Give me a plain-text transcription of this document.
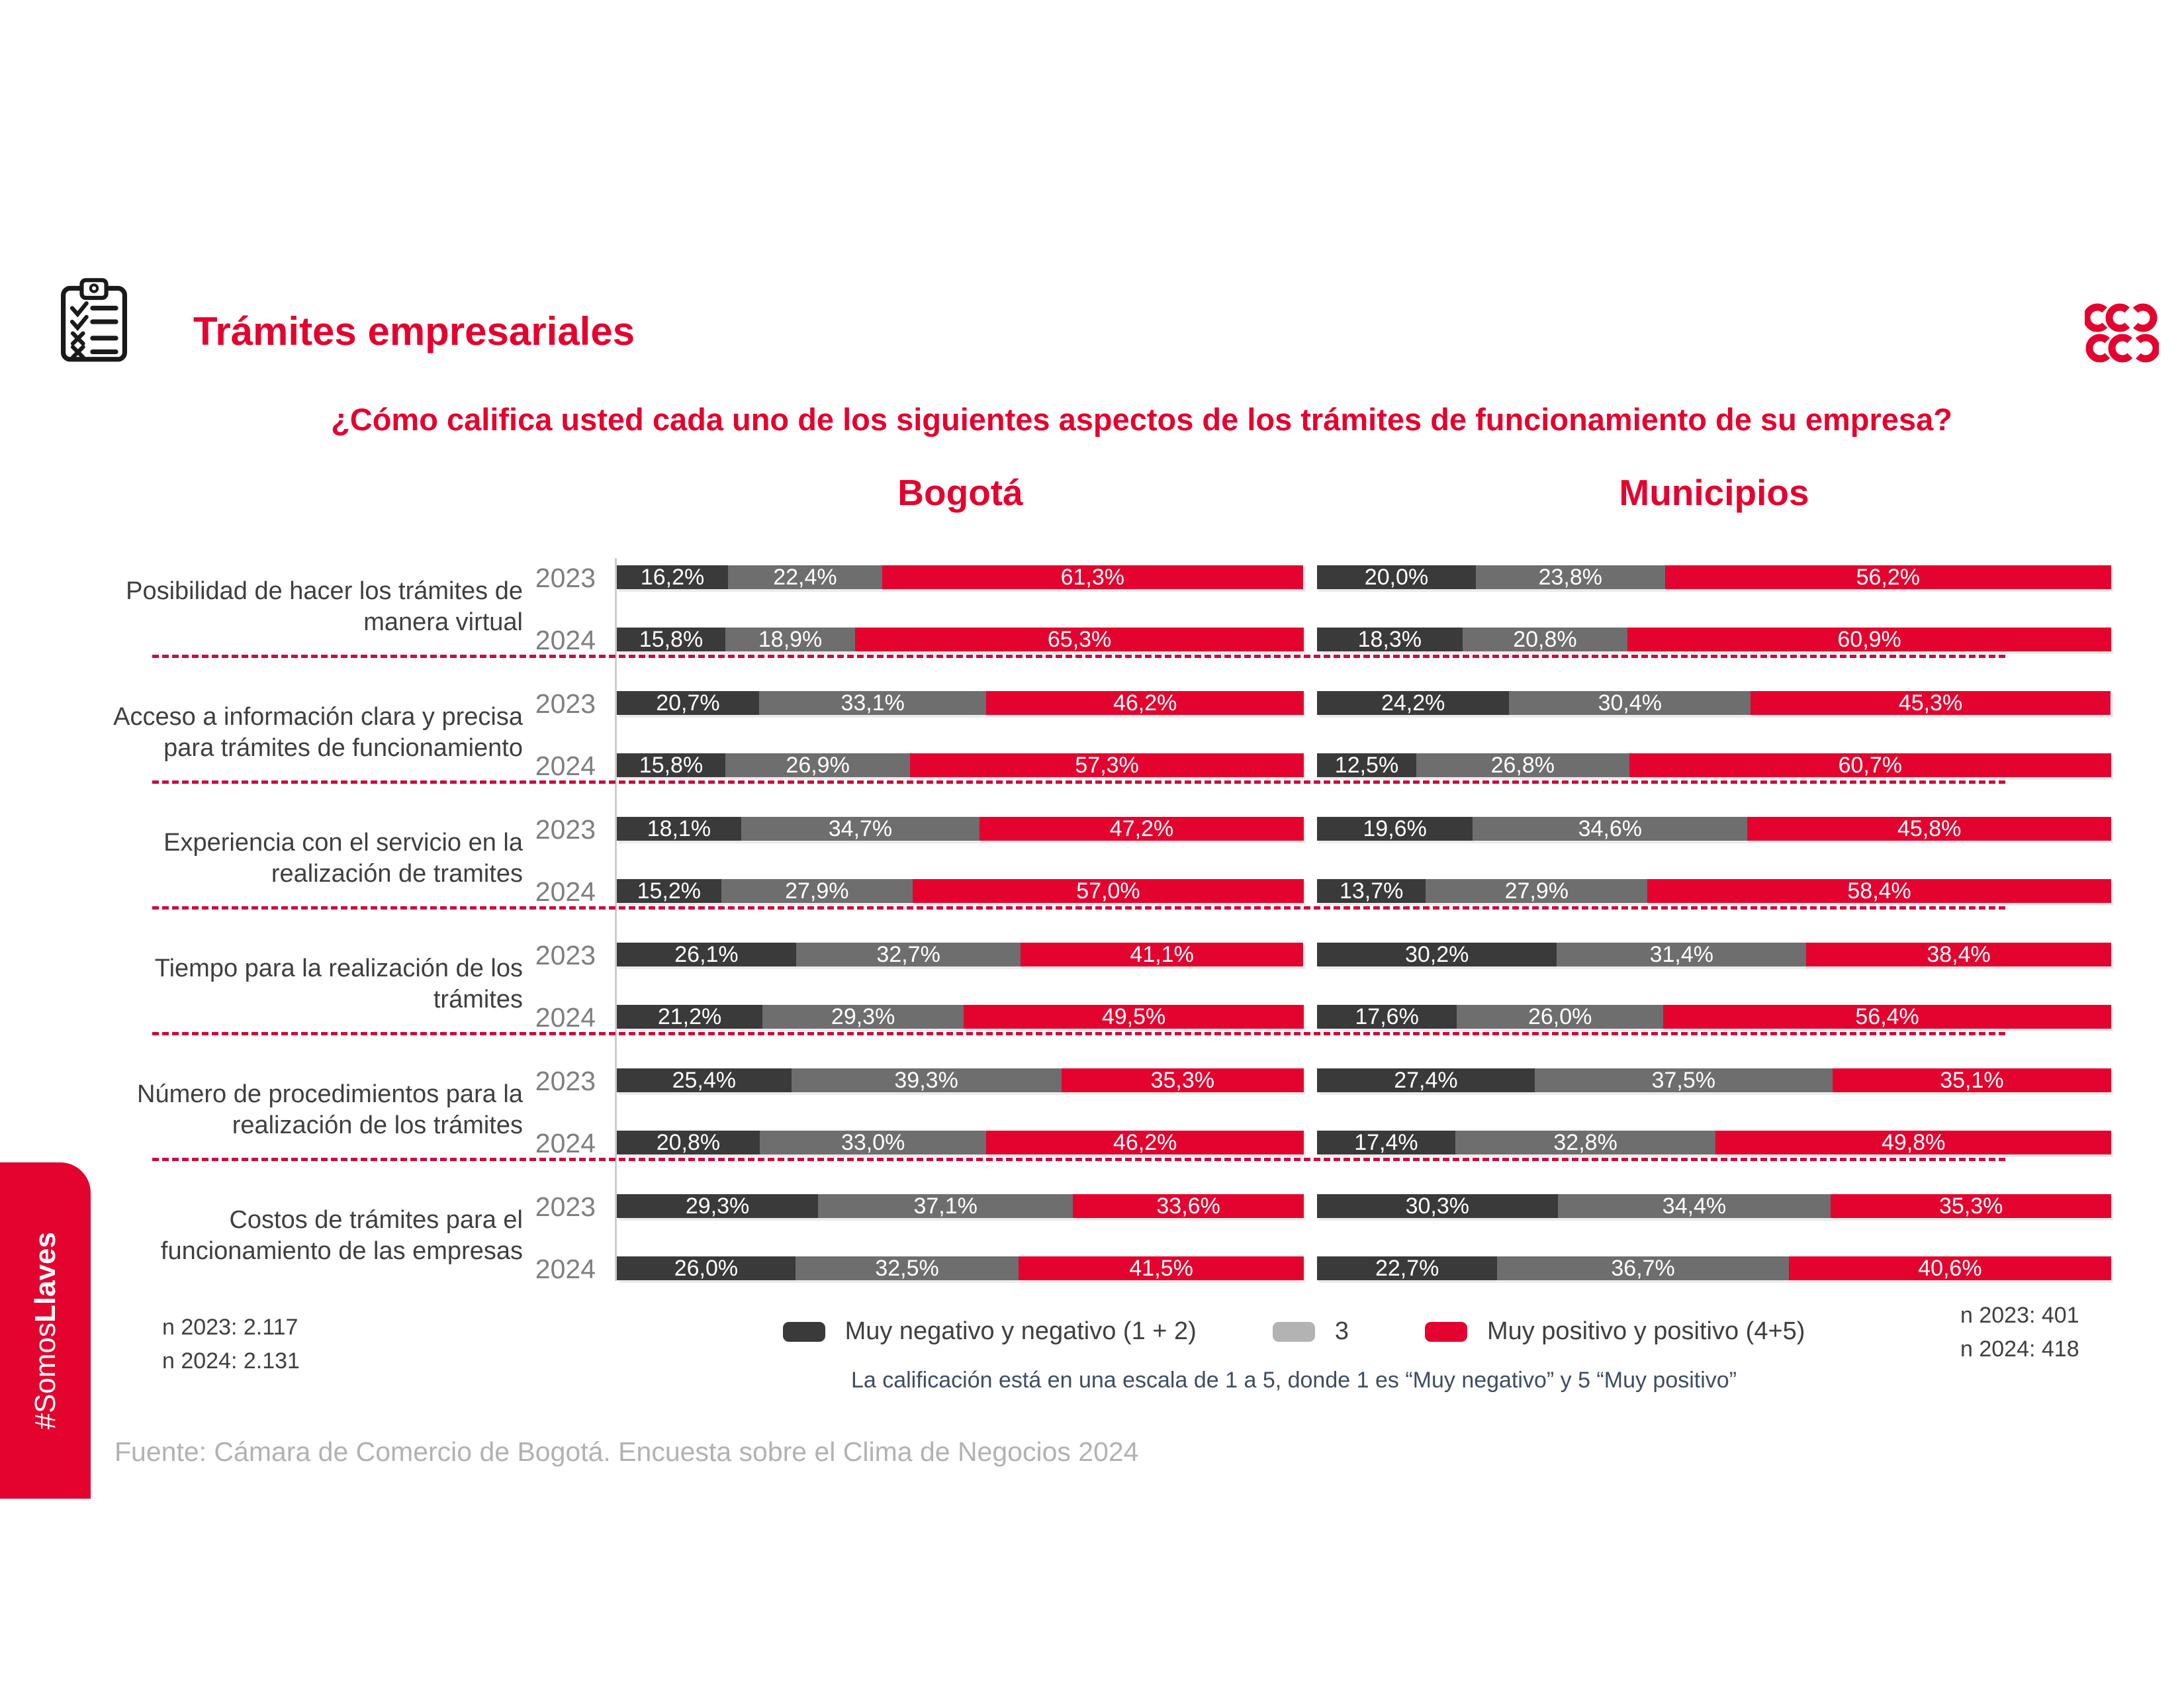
#SomosLlaves
Trámites empresariales
¿Cómo califica usted cada uno de los siguientes aspectos de los trámites de funcionamiento de su empresa?
Bogotá	Municipios
Posibilidad de hacer los trámites de manera virtual
2023	16,2%	22,4%	61,3%	20,0%	23,8%	56,2%
2024	15,8%	18,9%	65,3%	18,3%	20,8%	60,9%
Acceso a información clara y precisa para trámites de funcionamiento
2023	20,7%	33,1%	46,2%	24,2%	30,4%	45,3%
2024	15,8%	26,9%	57,3%	12,5%	26,8%	60,7%
Experiencia con el servicio en la realización de tramites
2023	18,1%	34,7%	47,2%	19,6%	34,6%	45,8%
2024	15,2%	27,9%	57,0%	13,7%	27,9%	58,4%
Tiempo para la realización de los trámites
2023	26,1%	32,7%	41,1%	30,2%	31,4%	38,4%
2024	21,2%	29,3%	49,5%	17,6%	26,0%	56,4%
Número de procedimientos para la realización de los trámites
2023	25,4%	39,3%	35,3%	27,4%	37,5%	35,1%
2024	20,8%	33,0%	46,2%	17,4%	32,8%	49,8%
Costos de trámites para el funcionamiento de las empresas
2023	29,3%	37,1%	33,6%	30,3%	34,4%	35,3%
2024	26,0%	32,5%	41,5%	22,7%	36,7%	40,6%
n 2023: 2.117
n 2024: 2.131
n 2023: 401
n 2024: 418
Muy negativo y negativo (1 + 2)	3	Muy positivo y positivo (4+5)
La calificación está en una escala de 1 a 5, donde 1 es “Muy negativo” y 5 “Muy positivo”
Fuente: Cámara de Comercio de Bogotá. Encuesta sobre el Clima de Negocios 2024
